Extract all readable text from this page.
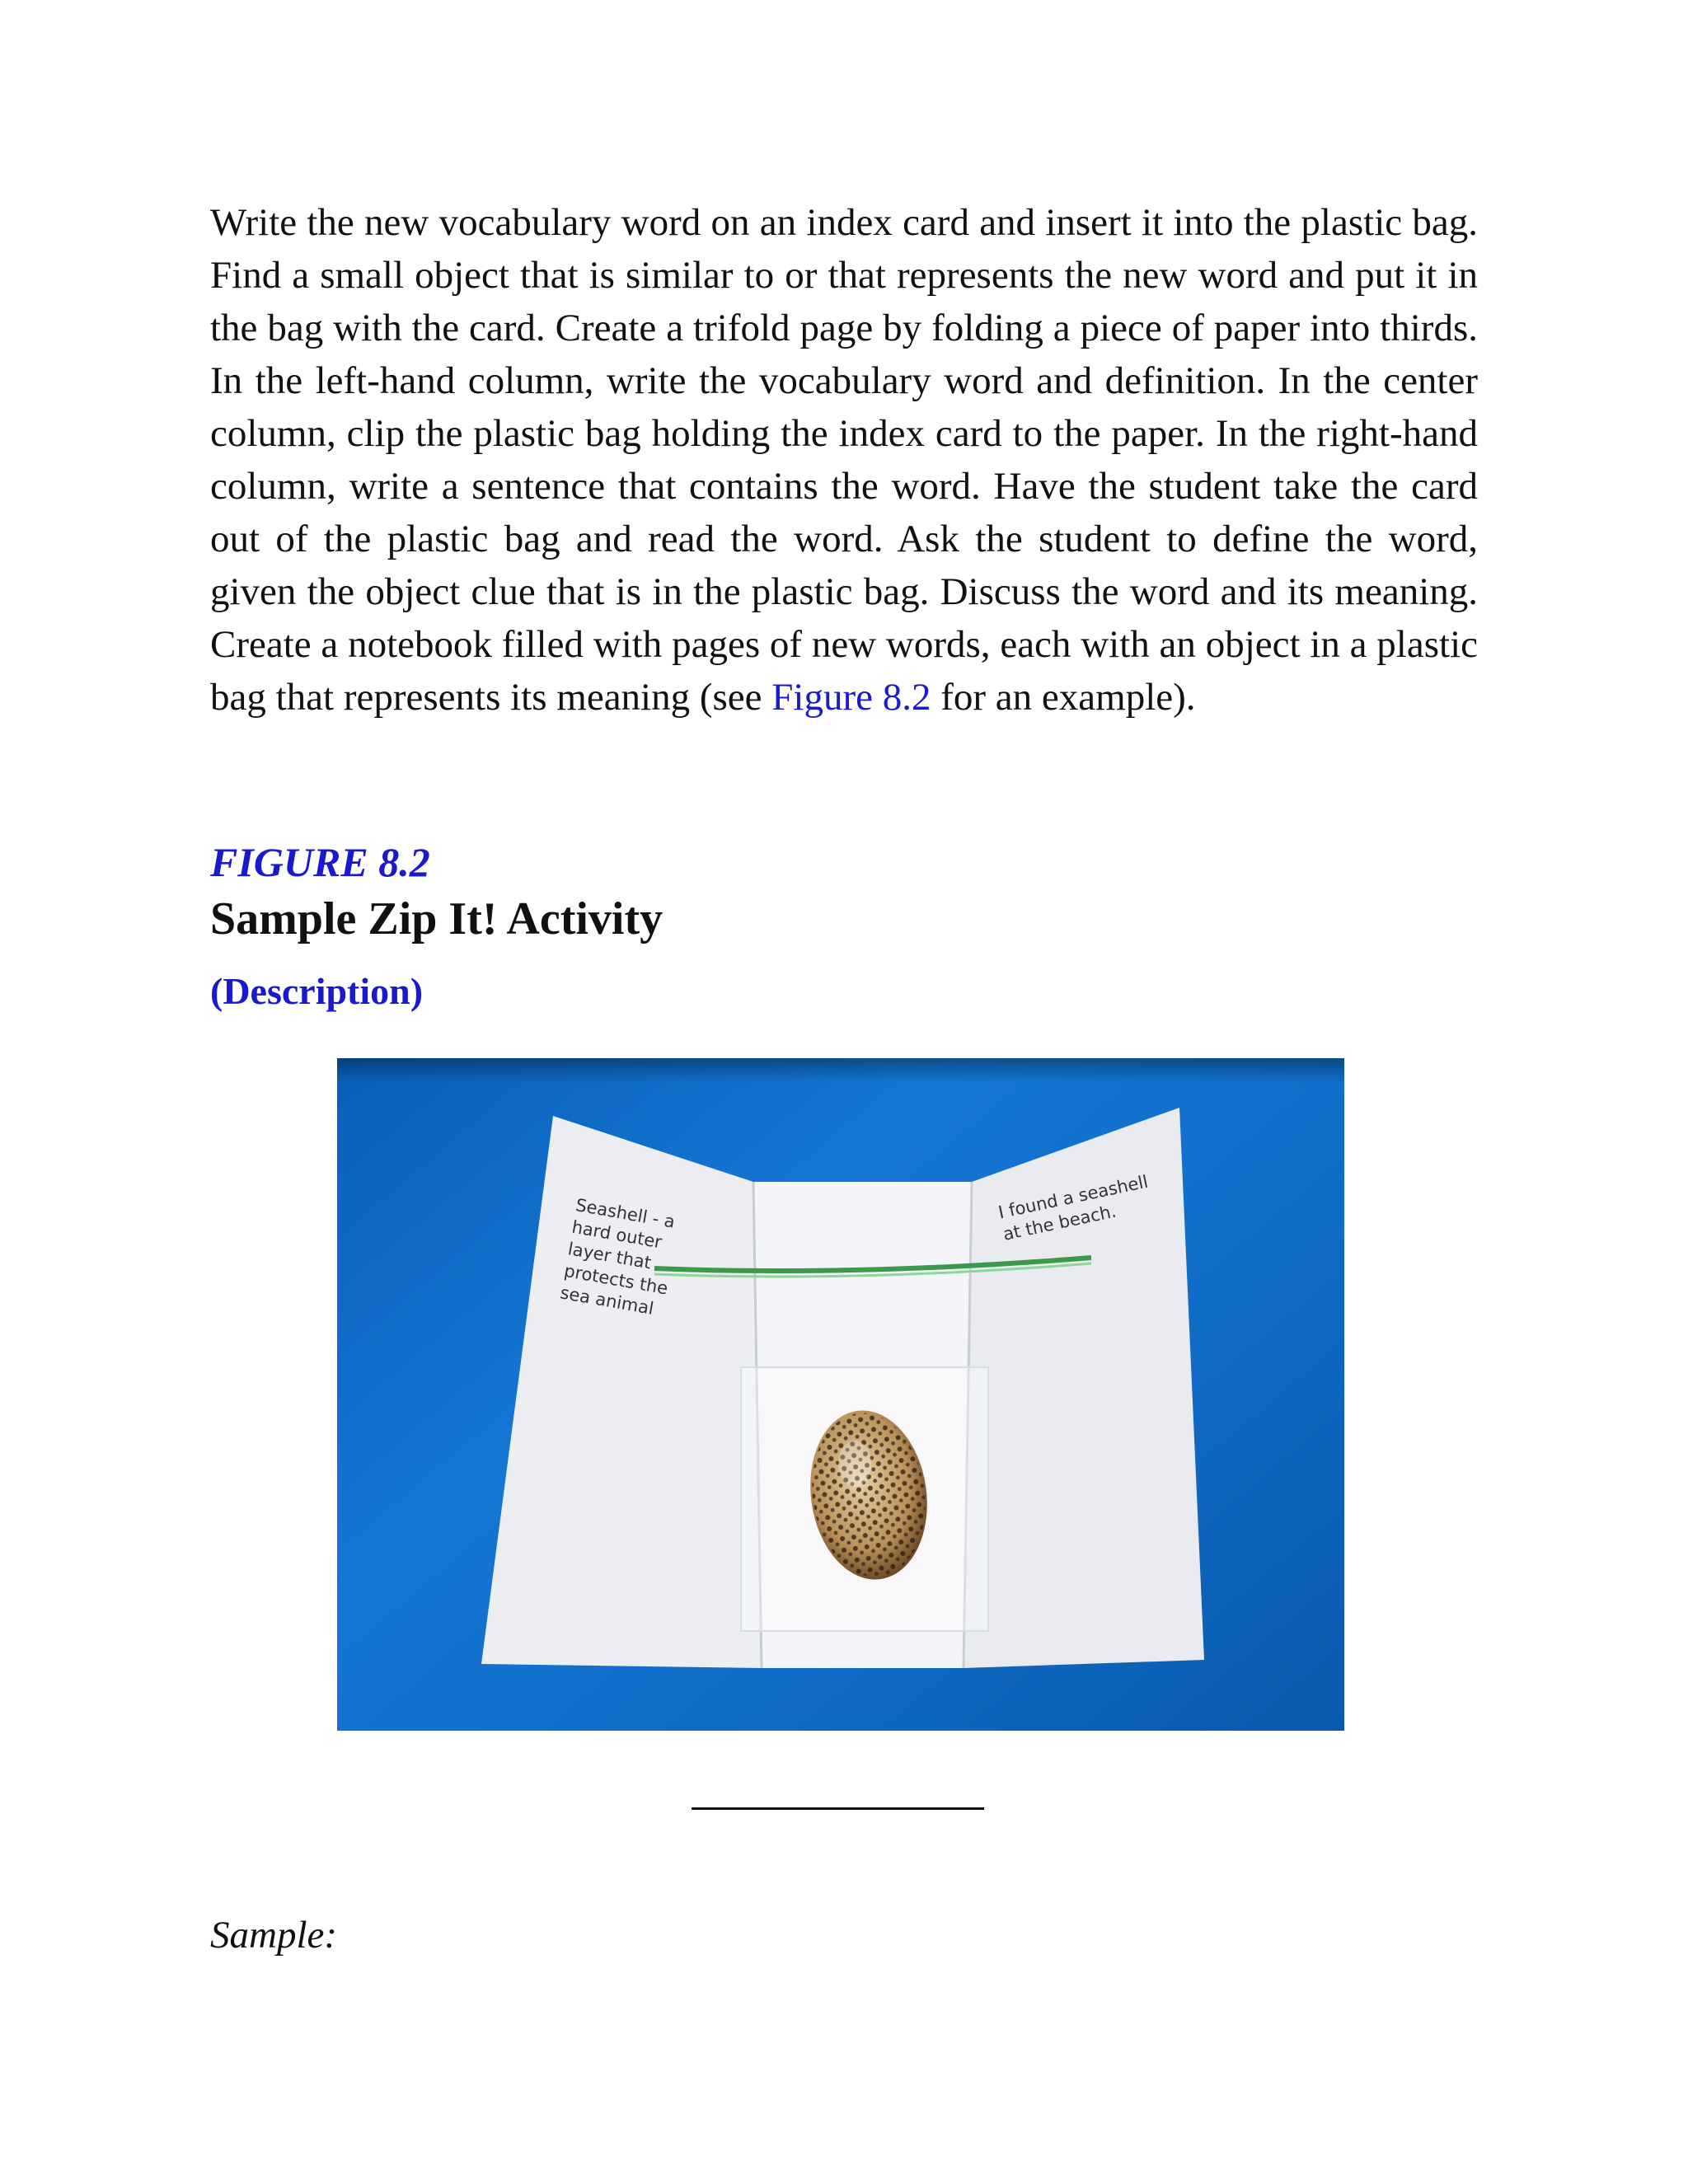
Write the new vocabulary word on an index card and insert it into the plastic bag. Find a small object that is similar to or that represents the new word and put it in the bag with the card. Create a trifold page by folding a piece of paper into thirds. In the left-hand column, write the vocabulary word and definition. In the center column, clip the plastic bag holding the index card to the paper. In the right-hand column, write a sentence that contains the word. Have the student take the card out of the plastic bag and read the word. Ask the student to define the word, given the object clue that is in the plastic bag. Discuss the word and its meaning. Create a notebook filled with pages of new words, each with an object in a plastic bag that represents its meaning (see Figure 8.2 for an example).

FIGURE 8.2

Sample Zip It! Activity

(Description)

Seashell - a
hard outer
layer that
protects the
sea animal
I found a seashell
at the beach.

Sample:
